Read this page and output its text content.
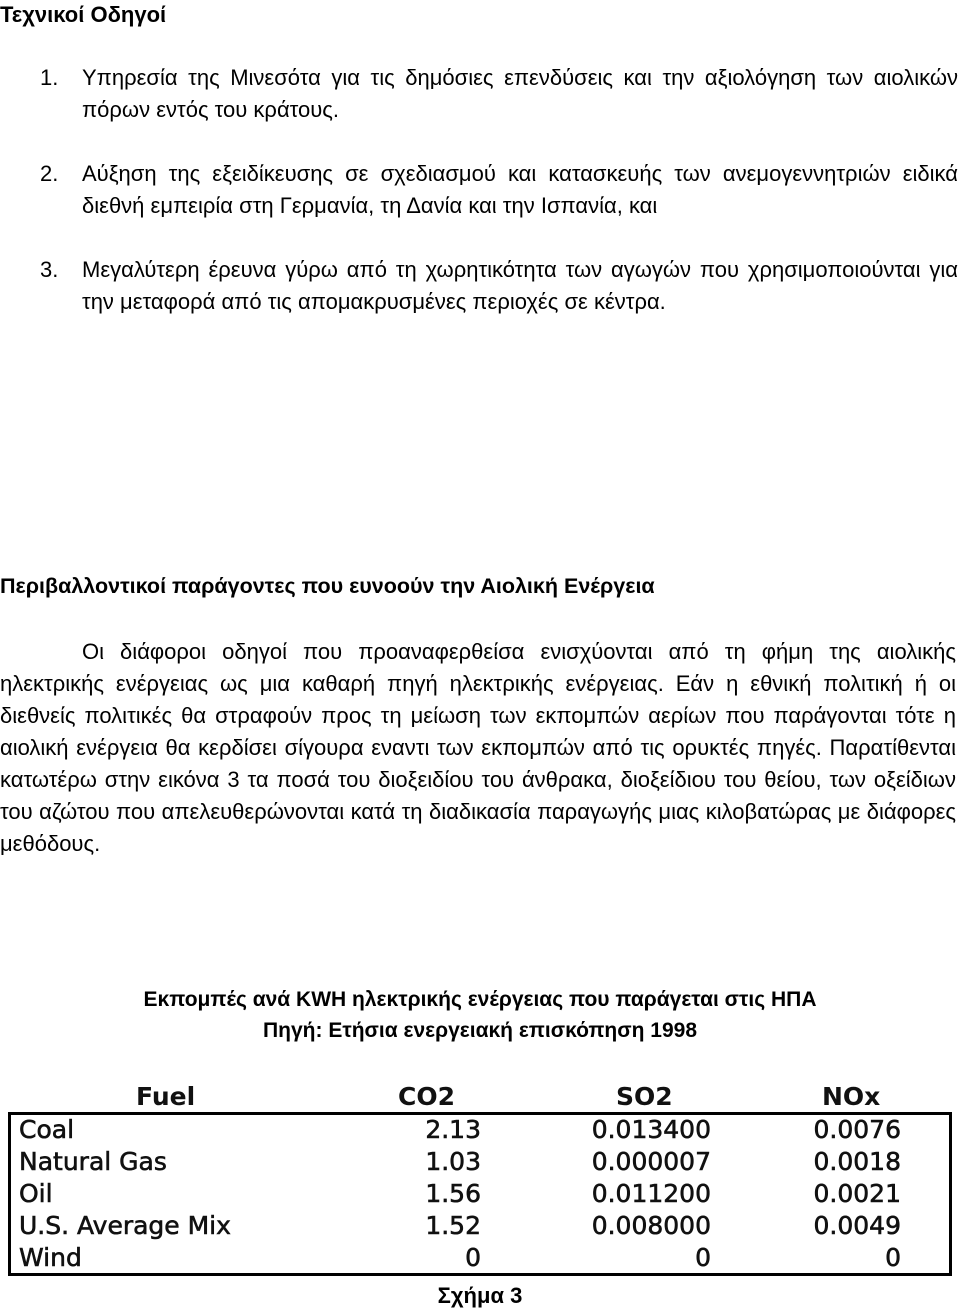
Τεχνικοί Οδηγοί
1. Υπηρεσία της Μινεσότα για τις δημόσιες επενδύσεις και την αξιολόγηση των αιολικών πόρων εντός του κράτους.
2. Αύξηση της εξειδίκευσης σε σχεδιασμού και κατασκευής των ανεμογεννητριών ειδικά διεθνή εμπειρία στη Γερμανία, τη Δανία και την Ισπανία, και
3. Μεγαλύτερη έρευνα γύρω από τη χωρητικότητα των αγωγών που χρησιμοποιούνται για την μεταφορά από τις απομακρυσμένες περιοχές σε κέντρα.
Περιβαλλοντικοί παράγοντες που ευνοούν την Αιολική Ενέργεια
Οι διάφοροι οδηγοί που προαναφερθείσα ενισχύονται από τη φήμη της αιολικής ηλεκτρικής ενέργειας ως μια καθαρή πηγή ηλεκτρικής ενέργειας. Εάν η εθνική πολιτική ή οι διεθνείς πολιτικές θα στραφούν προς τη μείωση των εκπομπών αερίων που παράγονται τότε η αιολική ενέργεια θα κερδίσει σίγουρα εναντι των εκπομπών από τις ορυκτές πηγές. Παρατίθενται κατωτέρω στην εικόνα 3 τα ποσά του διοξειδίου του άνθρακα, διοξείδιου του θείου, των οξείδιων του αζώτου που απελευθερώνονται κατά τη διαδικασία παραγωγής μιας κιλοβατώρας με διάφορες μεθόδους.
Εκπομπές ανά KWH ηλεκτρικής ενέργειας που παράγεται στις ΗΠΑ
Πηγή: Ετήσια ενεργειακή επισκόπηση 1998
Fuel	CO2	SO2	NOx
Coal	2.13	0.013400	0.0076
Natural Gas	1.03	0.000007	0.0018
Oil	1.56	0.011200	0.0021
U.S. Average Mix	1.52	0.008000	0.0049
Wind	0	0	0
Σχήμα 3
